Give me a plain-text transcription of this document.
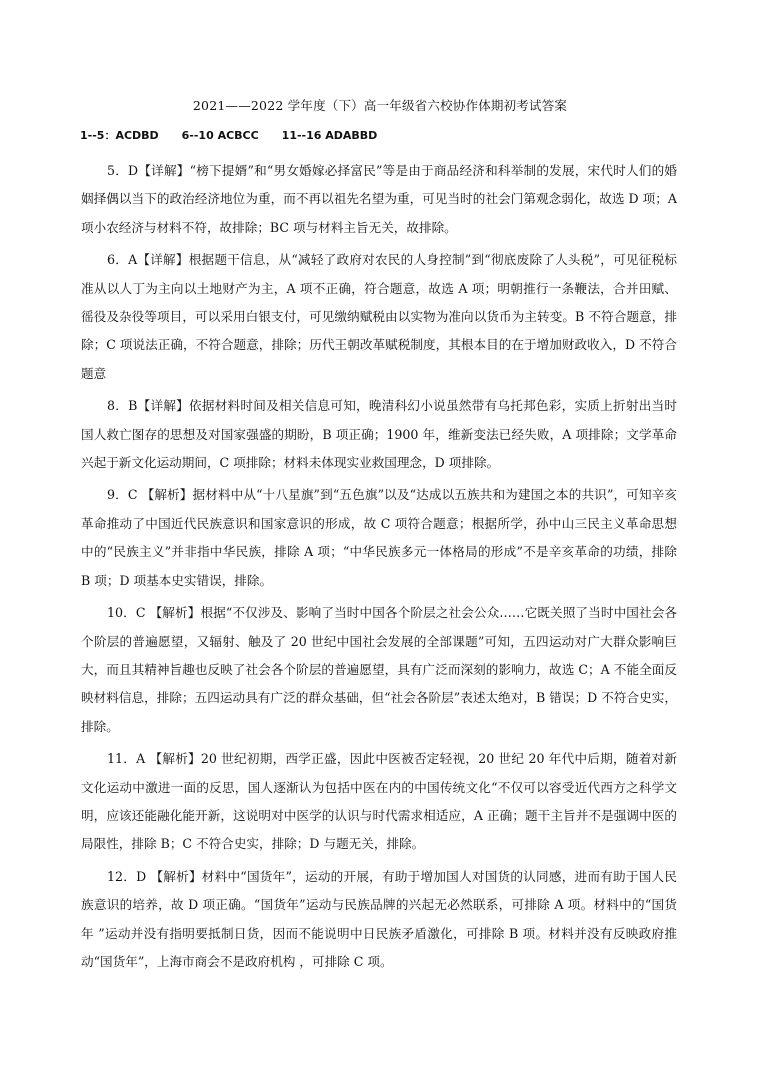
2021——2022 学年度（下）高一年级省六校协作体期初考试答案
1--5：ACDBD      6--10 ACBCC      11--16 ADABBD

5．D【详解】“榜下提婿”和“男女婚嫁必择富民”等是由于商品经济和科举制的发展，宋代时人们的婚姻择偶以当下的政治经济地位为重，而不再以祖先名望为重，可见当时的社会门第观念弱化，故选 D 项；A 项小农经济与材料不符，故排除；BC 项与材料主旨无关，故排除。

6．A【详解】根据题干信息，从“减轻了政府对农民的人身控制”到“彻底废除了人头税”，可见征税标准从以人丁为主向以土地财产为主，A 项不正确，符合题意，故选 A 项；明朝推行一条鞭法，合并田赋、徭役及杂役等项目，可以采用白银支付，可见缴纳赋税由以实物为准向以货币为主转变。B 不符合题意，排除；C 项说法正确，不符合题意，排除；历代王朝改革赋税制度，其根本目的在于增加财政收入，D 不符合题意

8．B【详解】依据材料时间及相关信息可知，晚清科幻小说虽然带有乌托邦色彩，实质上折射出当时国人救亡图存的思想及对国家强盛的期盼，B 项正确；1900 年，维新变法已经失败，A 项排除；文学革命兴起于新文化运动期间，C 项排除；材料未体现实业救国理念，D 项排除。

9．C 【解析】据材料中从“十八星旗”到“五色旗”以及“达成以五族共和为建国之本的共识”，可知辛亥革命推动了中国近代民族意识和国家意识的形成，故 C 项符合题意；根据所学，孙中山三民主义革命思想中的“民族主义”并非指中华民族，排除 A 项；“中华民族多元一体格局的形成”不是辛亥革命的功绩，排除 B 项；D 项基本史实错误，排除。

10．C 【解析】根据“不仅涉及、影响了当时中国各个阶层之社会公众……它既关照了当时中国社会各个阶层的普遍愿望，又辐射、触及了 20 世纪中国社会发展的全部课题”可知，五四运动对广大群众影响巨大，而且其精神旨趣也反映了社会各个阶层的普遍愿望，具有广泛而深刻的影响力，故选 C；A 不能全面反映材料信息，排除；五四运动具有广泛的群众基础，但“社会各阶层”表述太绝对，B 错误；D 不符合史实，排除。

11．A 【解析】20 世纪初期，西学正盛，因此中医被否定轻视，20 世纪 20 年代中后期，随着对新文化运动中激进一面的反思，国人逐渐认为包括中医在内的中国传统文化“不仅可以容受近代西方之科学文明，应该还能融化能开新，这说明对中医学的认识与时代需求相适应，A 正确；题干主旨并不是强调中医的局限性，排除 B；C 不符合史实，排除；D 与题无关，排除。

12．D 【解析】材料中“国货年”，运动的开展，有助于增加国人对国货的认同感，进而有助于国人民族意识的培养，故 D 项正确。“国货年”运动与民族品牌的兴起无必然联系，可排除 A 项。材料中的“国货年 ”运动并没有指明要抵制日货，因而不能说明中日民族矛盾激化，可排除 B 项。材料并没有反映政府推动“国货年”，上海市商会不是政府机构 ，可排除 C 项。
